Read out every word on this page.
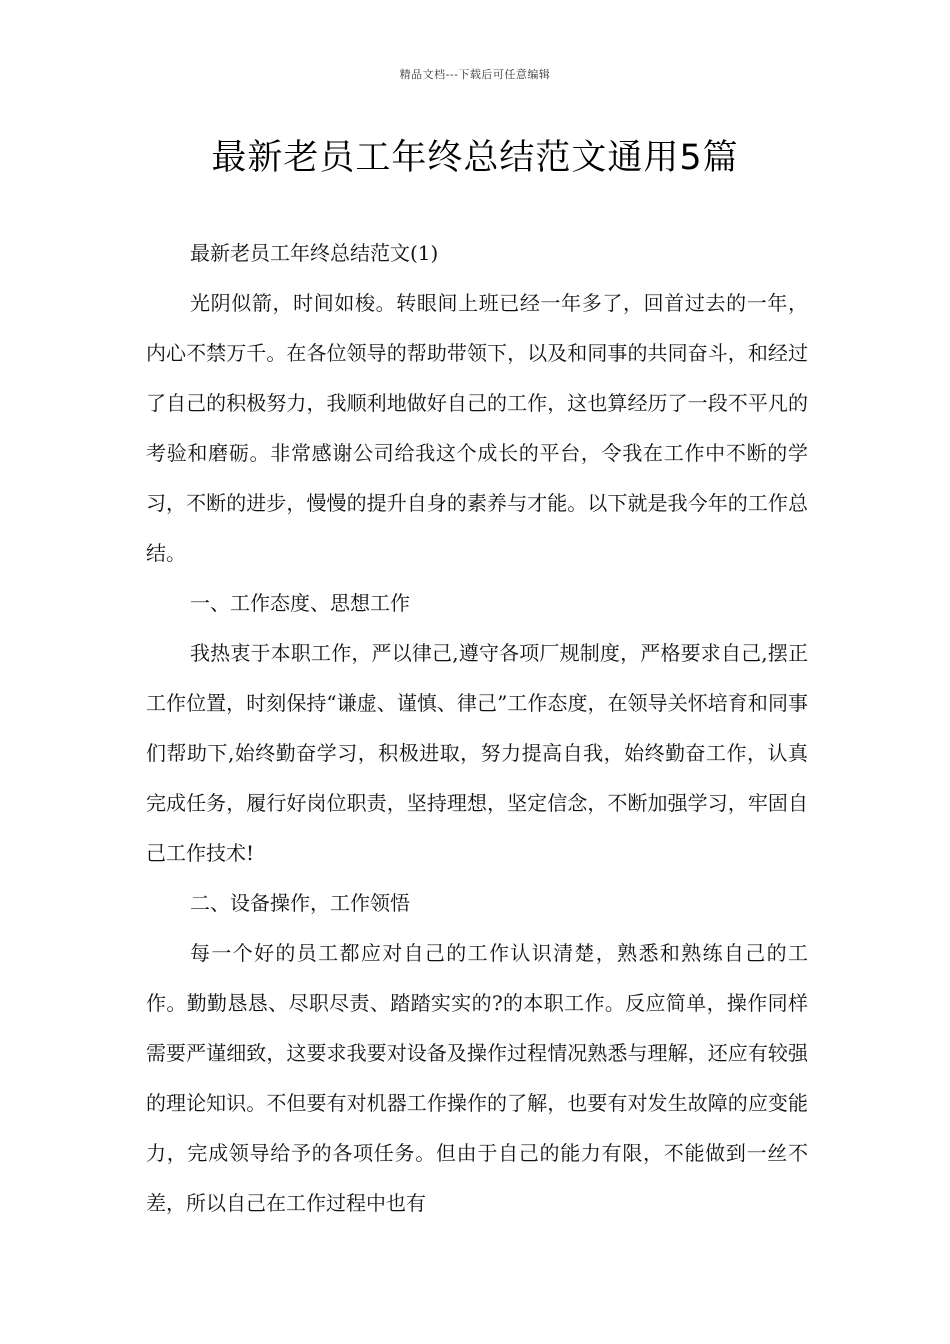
精品文档---下载后可任意编辑
最新老员工年终总结范文通用5篇

最新老员工年终总结范文(1)

光阴似箭，时间如梭。转眼间上班已经一年多了，回首过去的一年，内心不禁万千。在各位领导的帮助带领下，以及和同事的共同奋斗，和经过了自己的积极努力，我顺利地做好自己的工作，这也算经历了一段不平凡的考验和磨砺。非常感谢公司给我这个成长的平台，令我在工作中不断的学习，不断的进步，慢慢的提升自身的素养与才能。以下就是我今年的工作总结。

一、工作态度、思想工作

我热衷于本职工作，严以律己,遵守各项厂规制度，严格要求自己,摆正工作位置，时刻保持“谦虚、谨慎、律己”工作态度，在领导关怀培育和同事们帮助下,始终勤奋学习，积极进取，努力提高自我，始终勤奋工作，认真完成任务，履行好岗位职责，坚持理想，坚定信念，不断加强学习，牢固自己工作技术!

二、设备操作，工作领悟

每一个好的员工都应对自己的工作认识清楚，熟悉和熟练自己的工作。勤勤恳恳、尽职尽责、踏踏实实的?的本职工作。反应简单，操作同样需要严谨细致，这要求我要对设备及操作过程情况熟悉与理解，还应有较强的理论知识。不但要有对机器工作操作的了解，也要有对发生故障的应变能力，完成领导给予的各项任务。但由于自己的能力有限，不能做到一丝不差，所以自己在工作过程中也有
